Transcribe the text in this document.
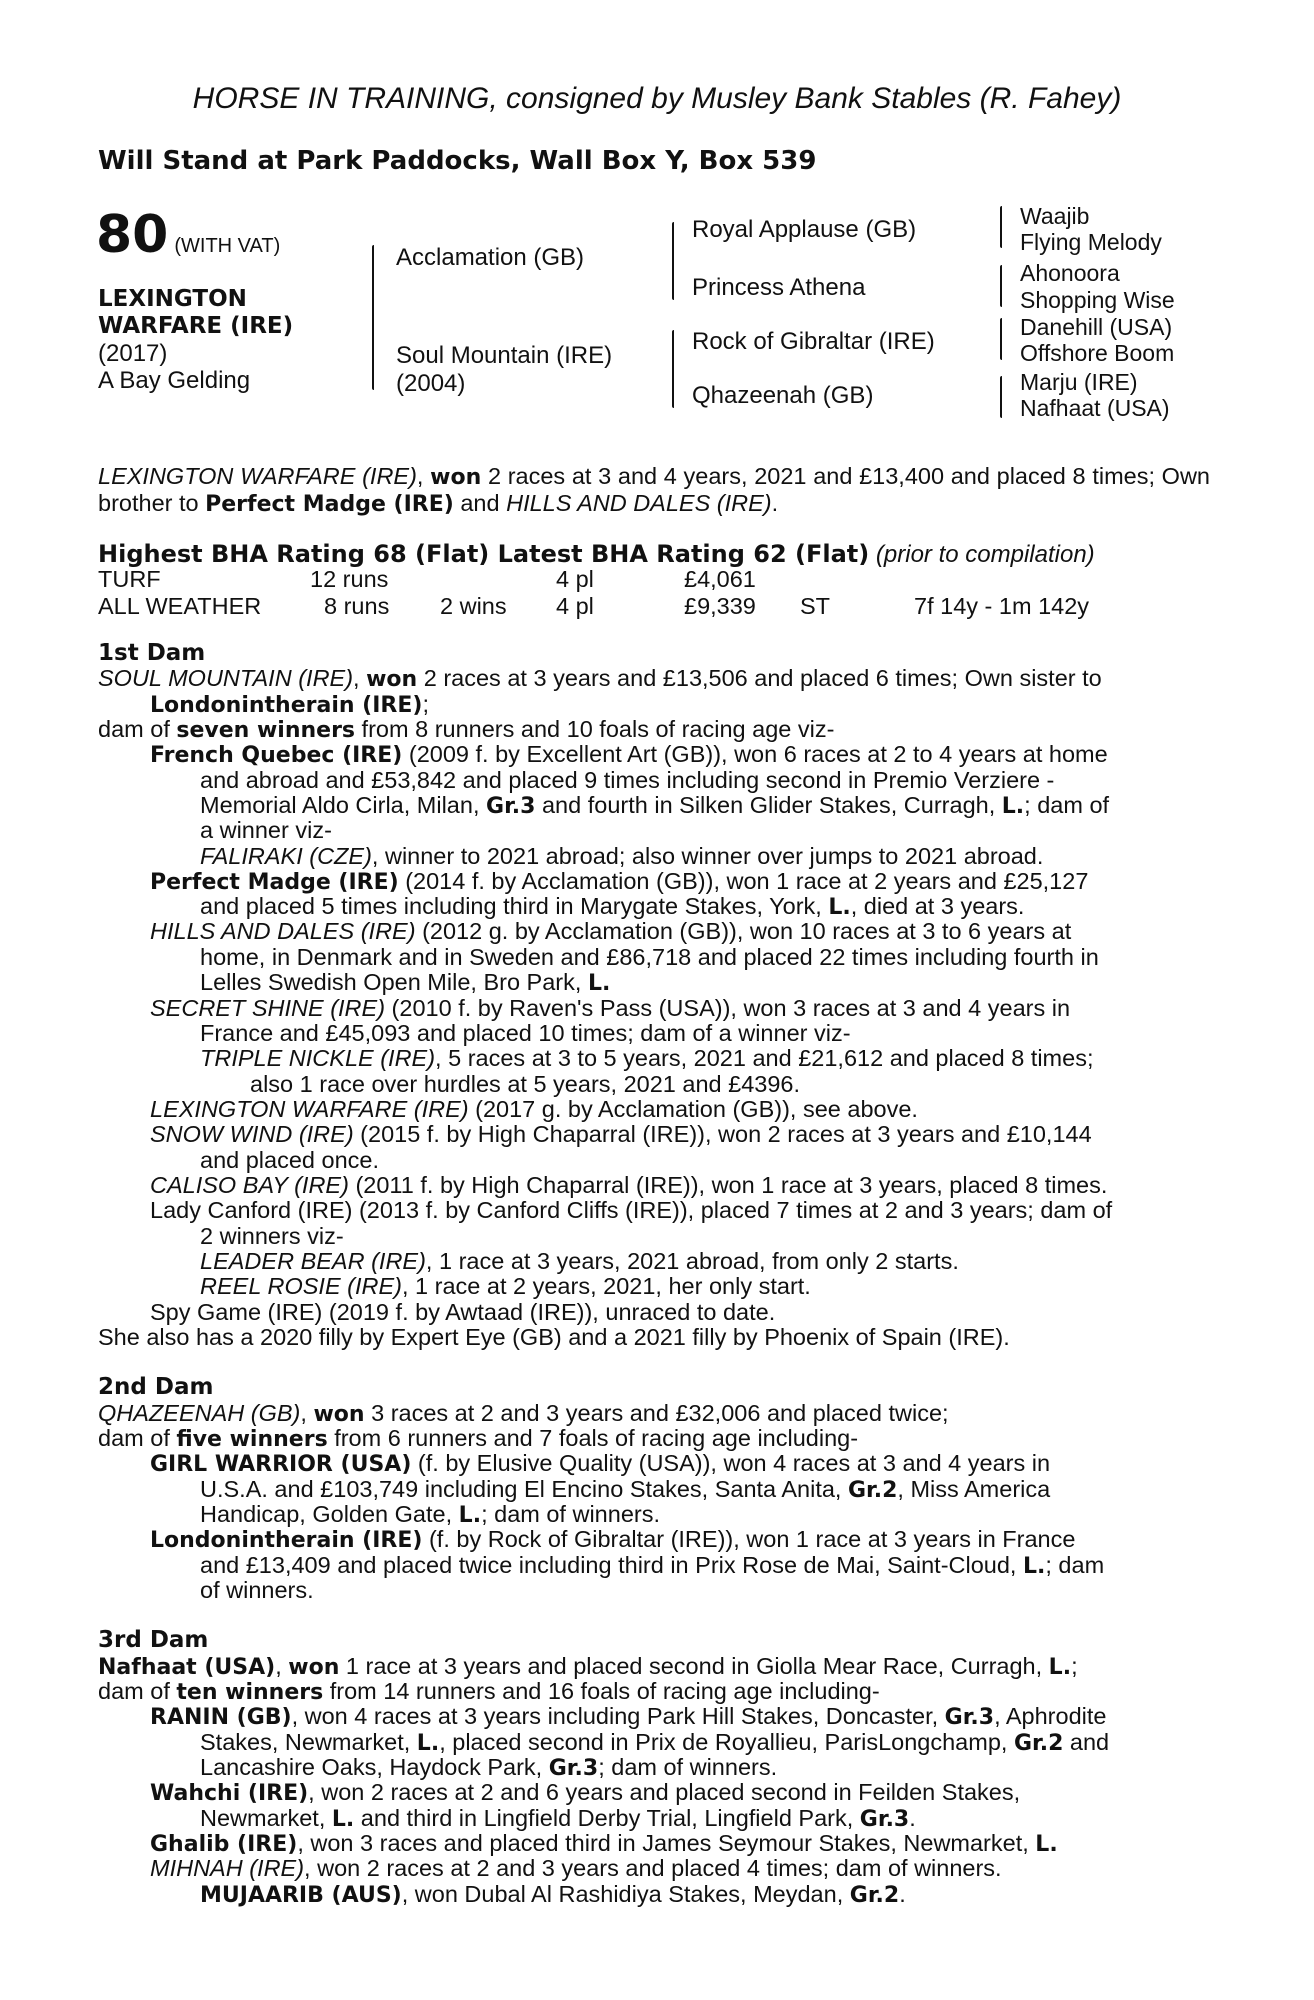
HORSE IN TRAINING, consigned by Musley Bank Stables (R. Fahey)
Will Stand at Park Paddocks, Wall Box Y, Box 539
80 (WITH VAT)
LEXINGTON
WARFARE (IRE)
(2017)
A Bay Gelding
Acclamation (GB)
Soul Mountain (IRE)
(2004)
Royal Applause (GB)
Princess Athena
Rock of Gibraltar (IRE)
Qhazeenah (GB)
Waajib
Flying Melody
Ahonoora
Shopping Wise
Danehill (USA)
Offshore Boom
Marju (IRE)
Nafhaat (USA)
LEXINGTON WARFARE (IRE), won 2 races at 3 and 4 years, 2021 and £13,400 and placed 8 times; Own brother to Perfect Madge (IRE) and HILLS AND DALES (IRE).
Highest BHA Rating 68 (Flat) Latest BHA Rating 62 (Flat) (prior to compilation)
TURF	12 runs	4 pl	£4,061
ALL WEATHER	8 runs 2 wins 4 pl	£9,339 ST	7f 14y - 1m 142y
1st Dam
SOUL MOUNTAIN (IRE), won 2 races at 3 years and £13,506 and placed 6 times; Own sister to
Londonintherain (IRE);
dam of seven winners from 8 runners and 10 foals of racing age viz-
French Quebec (IRE) (2009 f. by Excellent Art (GB)), won 6 races at 2 to 4 years at home
and abroad and £53,842 and placed 9 times including second in Premio Verziere -
Memorial Aldo Cirla, Milan, Gr.3 and fourth in Silken Glider Stakes, Curragh, L.; dam of
a winner viz-
FALIRAKI (CZE), winner to 2021 abroad; also winner over jumps to 2021 abroad.
Perfect Madge (IRE) (2014 f. by Acclamation (GB)), won 1 race at 2 years and £25,127
and placed 5 times including third in Marygate Stakes, York, L., died at 3 years.
HILLS AND DALES (IRE) (2012 g. by Acclamation (GB)), won 10 races at 3 to 6 years at
home, in Denmark and in Sweden and £86,718 and placed 22 times including fourth in
Lelles Swedish Open Mile, Bro Park, L.
SECRET SHINE (IRE) (2010 f. by Raven's Pass (USA)), won 3 races at 3 and 4 years in
France and £45,093 and placed 10 times; dam of a winner viz-
TRIPLE NICKLE (IRE), 5 races at 3 to 5 years, 2021 and £21,612 and placed 8 times;
also 1 race over hurdles at 5 years, 2021 and £4396.
LEXINGTON WARFARE (IRE) (2017 g. by Acclamation (GB)), see above.
SNOW WIND (IRE) (2015 f. by High Chaparral (IRE)), won 2 races at 3 years and £10,144
and placed once.
CALISO BAY (IRE) (2011 f. by High Chaparral (IRE)), won 1 race at 3 years, placed 8 times.
Lady Canford (IRE) (2013 f. by Canford Cliffs (IRE)), placed 7 times at 2 and 3 years; dam of
2 winners viz-
LEADER BEAR (IRE), 1 race at 3 years, 2021 abroad, from only 2 starts.
REEL ROSIE (IRE), 1 race at 2 years, 2021, her only start.
Spy Game (IRE) (2019 f. by Awtaad (IRE)), unraced to date.
She also has a 2020 filly by Expert Eye (GB) and a 2021 filly by Phoenix of Spain (IRE).
2nd Dam
QHAZEENAH (GB), won 3 races at 2 and 3 years and £32,006 and placed twice;
dam of five winners from 6 runners and 7 foals of racing age including-
GIRL WARRIOR (USA) (f. by Elusive Quality (USA)), won 4 races at 3 and 4 years in
U.S.A. and £103,749 including El Encino Stakes, Santa Anita, Gr.2, Miss America
Handicap, Golden Gate, L.; dam of winners.
Londonintherain (IRE) (f. by Rock of Gibraltar (IRE)), won 1 race at 3 years in France
and £13,409 and placed twice including third in Prix Rose de Mai, Saint-Cloud, L.; dam
of winners.
3rd Dam
Nafhaat (USA), won 1 race at 3 years and placed second in Giolla Mear Race, Curragh, L.;
dam of ten winners from 14 runners and 16 foals of racing age including-
RANIN (GB), won 4 races at 3 years including Park Hill Stakes, Doncaster, Gr.3, Aphrodite
Stakes, Newmarket, L., placed second in Prix de Royallieu, ParisLongchamp, Gr.2 and
Lancashire Oaks, Haydock Park, Gr.3; dam of winners.
Wahchi (IRE), won 2 races at 2 and 6 years and placed second in Feilden Stakes,
Newmarket, L. and third in Lingfield Derby Trial, Lingfield Park, Gr.3.
Ghalib (IRE), won 3 races and placed third in James Seymour Stakes, Newmarket, L.
MIHNAH (IRE), won 2 races at 2 and 3 years and placed 4 times; dam of winners.
MUJAARIB (AUS), won Dubal Al Rashidiya Stakes, Meydan, Gr.2.
